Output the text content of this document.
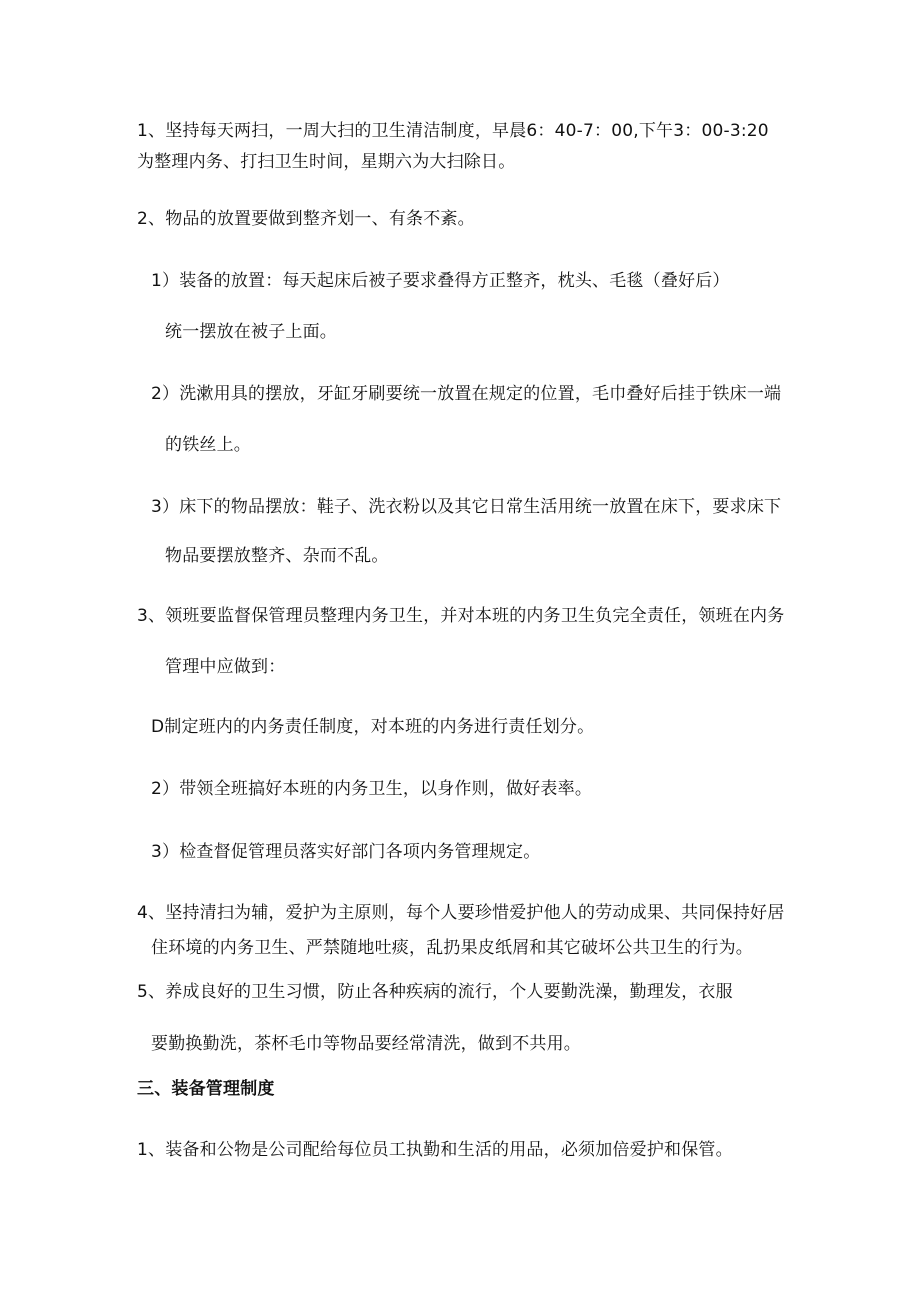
1、坚持每天两扫，一周大扫的卫生清洁制度，早晨6：40-7：00,下午3：00-3:20
为整理内务、打扫卫生时间，星期六为大扫除日。
2、物品的放置要做到整齐划一、有条不紊。
1）装备的放置：每天起床后被子要求叠得方正整齐，枕头、毛毯（叠好后）
统一摆放在被子上面。
2）洗漱用具的摆放，牙缸牙刷要统一放置在规定的位置，毛巾叠好后挂于铁床一端
的铁丝上。
3）床下的物品摆放：鞋子、洗衣粉以及其它日常生活用统一放置在床下，要求床下
物品要摆放整齐、杂而不乱。
3、领班要监督保管理员整理内务卫生，并对本班的内务卫生负完全责任，领班在内务
管理中应做到：
D制定班内的内务责任制度，对本班的内务进行责任划分。
2）带领全班搞好本班的内务卫生，以身作则，做好表率。
3）检查督促管理员落实好部门各项内务管理规定。
4、坚持清扫为辅，爱护为主原则，每个人要珍惜爱护他人的劳动成果、共同保持好居
住环境的内务卫生、严禁随地吐痰，乱扔果皮纸屑和其它破坏公共卫生的行为。
5、养成良好的卫生习惯，防止各种疾病的流行，个人要勤洗澡，勤理发，衣服
要勤换勤洗，茶杯毛巾等物品要经常清洗，做到不共用。
三、装备管理制度
1、装备和公物是公司配给每位员工执勤和生活的用品，必须加倍爱护和保管。
